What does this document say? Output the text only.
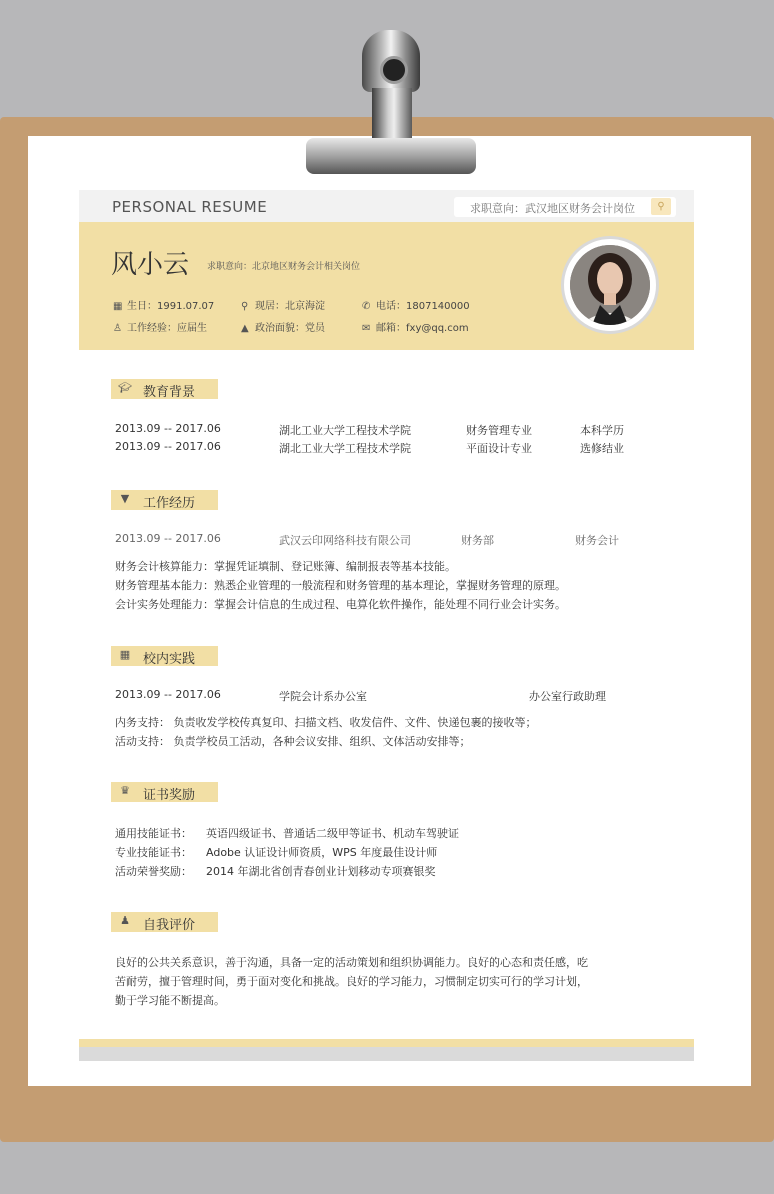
PERSONAL RESUME	求职意向：武汉地区财务会计岗位	⚲
风小云 求职意向：北京地区财务会计相关岗位
▦ 生日：1991.07.07	⚲ 现居：北京海淀	✆ 电话：1807140000
♙ 工作经验：应届生	▲ 政治面貌：党员	✉ 邮箱：fxy@qq.com
🎓︎ 教育背景
2013.09 -- 2017.06	湖北工业大学工程技术学院	财务管理专业	本科学历
2013.09 -- 2017.06	湖北工业大学工程技术学院	平面设计专业	选修结业
▼ 工作经历
2013.09 -- 2017.06	武汉云印网络科技有限公司	财务部	财务会计
财务会计核算能力：掌握凭证填制、登记账簿、编制报表等基本技能。
财务管理基本能力：熟悉企业管理的一般流程和财务管理的基本理论，掌握财务管理的原理。
会计实务处理能力：掌握会计信息的生成过程、电算化软件操作，能处理不同行业会计实务。
▦ 校内实践
2013.09 -- 2017.06	学院会计系办公室	办公室行政助理
内务支持： 负责收发学校传真复印、扫描文档、收发信件、文件、快递包裹的接收等；
活动支持： 负责学校员工活动，各种会议安排、组织、文体活动安排等；
♛ 证书奖励
通用技能证书： 英语四级证书、普通话二级甲等证书、机动车驾驶证
专业技能证书： Adobe 认证设计师资质，WPS 年度最佳设计师
活动荣誉奖励： 2014 年湖北省创青春创业计划移动专项赛银奖
♟ 自我评价
良好的公共关系意识，善于沟通，具备一定的活动策划和组织协调能力。良好的心态和责任感，吃
苦耐劳，擅于管理时间，勇于面对变化和挑战。良好的学习能力，习惯制定切实可行的学习计划，
勤于学习能不断提高。
